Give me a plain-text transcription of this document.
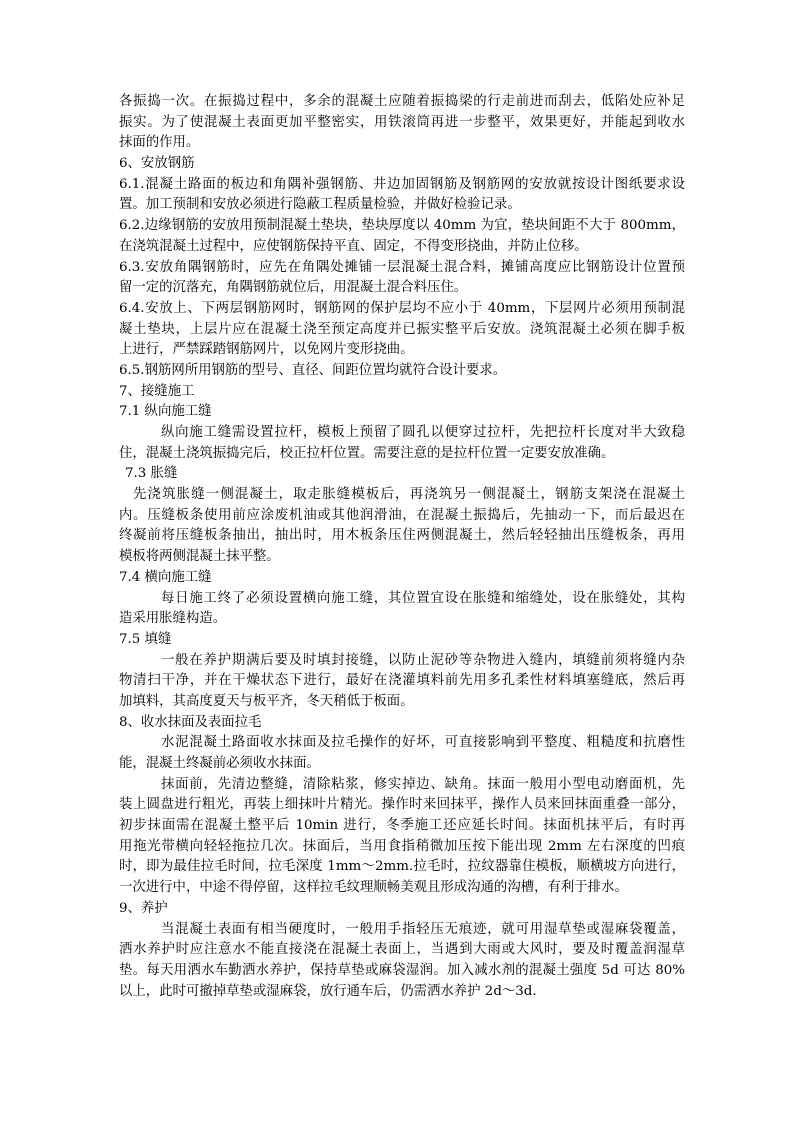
各振捣一次。在振捣过程中，多余的混凝土应随着振捣梁的行走前进而刮去，低陷处应补足
振实。为了使混凝土表面更加平整密实，用铁滚筒再进一步整平，效果更好，并能起到收水
抹面的作用。
6、安放钢筋
6.1.混凝土路面的板边和角隅补强钢筋、井边加固钢筋及钢筋网的安放就按设计图纸要求设
置。加工预制和安放必须进行隐蔽工程质量检验，并做好检验记录。
6.2.边缘钢筋的安放用预制混凝土垫块，垫块厚度以 40mm 为宜，垫块间距不大于 800mm，
在浇筑混凝土过程中，应使钢筋保持平直、固定，不得变形挠曲，并防止位移。
6.3.安放角隅钢筋时，应先在角隅处摊铺一层混凝土混合料，摊铺高度应比钢筋设计位置预
留一定的沉落充，角隅钢筋就位后，用混凝土混合料压住。
6.4.安放上、下两层钢筋网时，钢筋网的保护层均不应小于 40mm，下层网片必须用预制混
凝土垫块，上层片应在混凝土浇至预定高度并已振实整平后安放。浇筑混凝土必须在脚手板
上进行，严禁踩踏钢筋网片，以免网片变形挠曲。
6.5.钢筋网所用钢筋的型号、直径、间距位置均就符合设计要求。
7、接缝施工
7.1 纵向施工缝
纵向施工缝需设置拉杆，模板上预留了圆孔以便穿过拉杆，先把拉杆长度对半大致稳
住，混凝土浇筑振捣完后，校正拉杆位置。需要注意的是拉杆位置一定要安放准确。
7.3 胀缝
先浇筑胀缝一侧混凝土，取走胀缝模板后，再浇筑另一侧混凝土，钢筋支架浇在混凝土
内。压缝板条使用前应涂废机油或其他润滑油，在混凝土振捣后，先抽动一下，而后最迟在
终凝前将压缝板条抽出，抽出时，用木板条压住两侧混凝土，然后轻轻抽出压缝板条，再用
模板将两侧混凝土抹平整。
7.4 横向施工缝
每日施工终了必须设置横向施工缝，其位置宜设在胀缝和缩缝处，设在胀缝处，其构
造采用胀缝构造。
7.5 填缝
一般在养护期满后要及时填封接缝，以防止泥砂等杂物进入缝内，填缝前须将缝内杂
物清扫干净，并在干燥状态下进行，最好在浇灌填料前先用多孔柔性材料填塞缝底，然后再
加填料，其高度夏天与板平齐，冬天稍低于板面。
8、收水抹面及表面拉毛
水泥混凝土路面收水抹面及拉毛操作的好坏，可直接影响到平整度、粗糙度和抗磨性
能，混凝土终凝前必须收水抹面。
抹面前，先清边整缝，清除粘浆，修实掉边、缺角。抹面一般用小型电动磨面机，先
装上圆盘进行粗光，再装上细抹叶片精光。操作时来回抹平，操作人员来回抹面重叠一部分，
初步抹面需在混凝土整平后 10min 进行，冬季施工还应延长时间。抹面机抹平后，有时再
用拖光带横向轻轻拖拉几次。抹面后，当用食指稍微加压按下能出现 2mm 左右深度的凹痕
时，即为最佳拉毛时间，拉毛深度 1mm～2mm.拉毛时，拉纹器靠住模板，顺横坡方向进行，
一次进行中，中途不得停留，这样拉毛纹理顺畅美观且形成沟通的沟槽，有利于排水。
9、养护
当混凝土表面有相当硬度时，一般用手指轻压无痕迹，就可用湿草垫或湿麻袋覆盖，
洒水养护时应注意水不能直接浇在混凝土表面上，当遇到大雨或大风时，要及时覆盖润湿草
垫。每天用洒水车勤洒水养护，保持草垫或麻袋湿润。加入减水剂的混凝土强度 5d 可达 80%
以上，此时可撤掉草垫或湿麻袋，放行通车后，仍需洒水养护 2d～3d.
